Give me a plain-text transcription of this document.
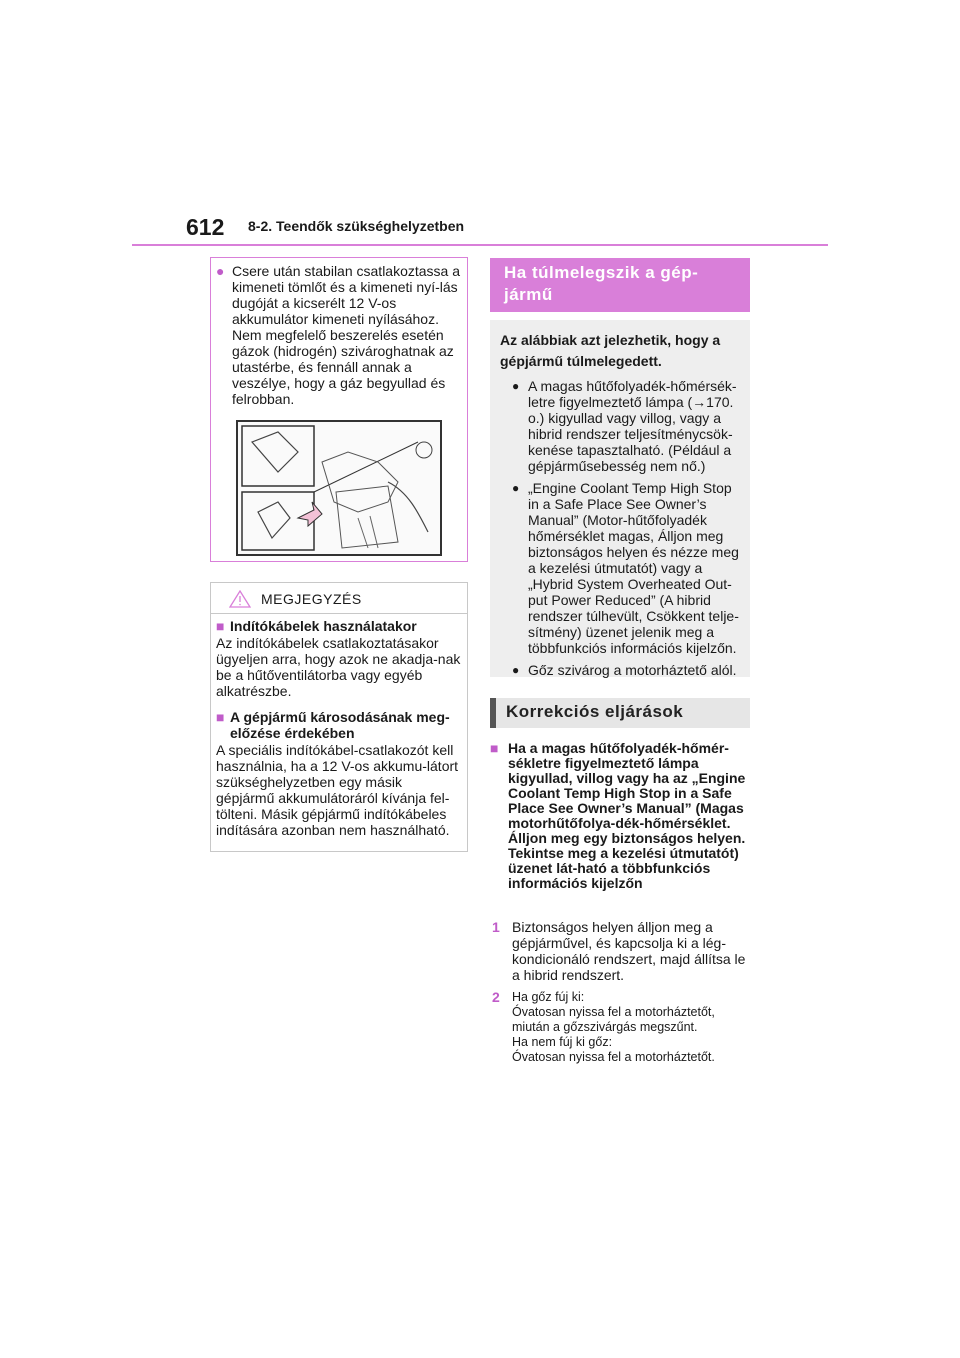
612 8-2. Teendők szükséghelyzetben
● Csere után stabilan csatlakoztassa a kimeneti tömlőt és a kimeneti nyí-lás dugóját a kicserélt 12 V-os akkumulátor kimeneti nyílásához. Nem megfelelő beszerelés esetén gázok (hidrogén) szivároghatnak az utastérbe, és fennáll annak a veszélye, hogy a gáz begyullad és felrobban.
MEGJEGYZÉS
■ Indítókábelek használatakor

Az indítókábelek csatlakoztatásakor ügyeljen arra, hogy azok ne akadja-nak be a hűtőventilátorba vagy egyéb alkatrészbe.

■ A gépjármű károsodásának meg-előzése érdekében

A speciális indítókábel-csatlakozót kell használnia, ha a 12 V-os akkumu-látort szükséghelyzetben egy másik gépjármű akkumulátoráról kívánja fel-tölteni. Másik gépjármű indítókábeles indítására azonban nem használható.

Ha túlmelegszik a gép-jármű
Az alábbiak azt jelezhetik, hogy a gépjármű túlmelegedett.
● A magas hűtőfolyadék-hőmérsék-letre figyelmeztető lámpa (→170. o.) kigyullad vagy villog, vagy a hibrid rendszer teljesítménycsök-kenése tapasztalható. (Például a gépjárműsebesség nem nő.)
● „Engine Coolant Temp High Stop in a Safe Place See Owner’s Manual” (Motor-hűtőfolyadék hőmérséklet magas, Álljon meg biztonságos helyen és nézze meg a kezelési útmutatót) vagy a „Hybrid System Overheated Out-put Power Reduced” (A hibrid rendszer túlhevült, Csökkent telje-sítmény) üzenet jelenik meg a többfunkciós információs kijelzőn.
● Gőz szivárog a motorháztető alól.
Korrekciós eljárások
■ Ha a magas hűtőfolyadék-hőmér-sékletre figyelmeztető lámpa kigyullad, villog vagy ha az „Engine Coolant Temp High Stop in a Safe Place See Owner’s Manual” (Magas motorhűtőfolya-dék-hőmérséklet. Álljon meg egy biztonságos helyen. Tekintse meg a kezelési útmutatót) üzenet lát-ható a többfunkciós információs kijelzőn
1 Biztonságos helyen álljon meg a gépjárművel, és kapcsolja ki a lég-kondicionáló rendszert, majd állítsa le a hibrid rendszert.
2 Ha gőz fúj ki:
Óvatosan nyissa fel a motorháztetőt, miután a gőzszivárgás megszűnt.
Ha nem fúj ki gőz:
Óvatosan nyissa fel a motorháztetőt.
